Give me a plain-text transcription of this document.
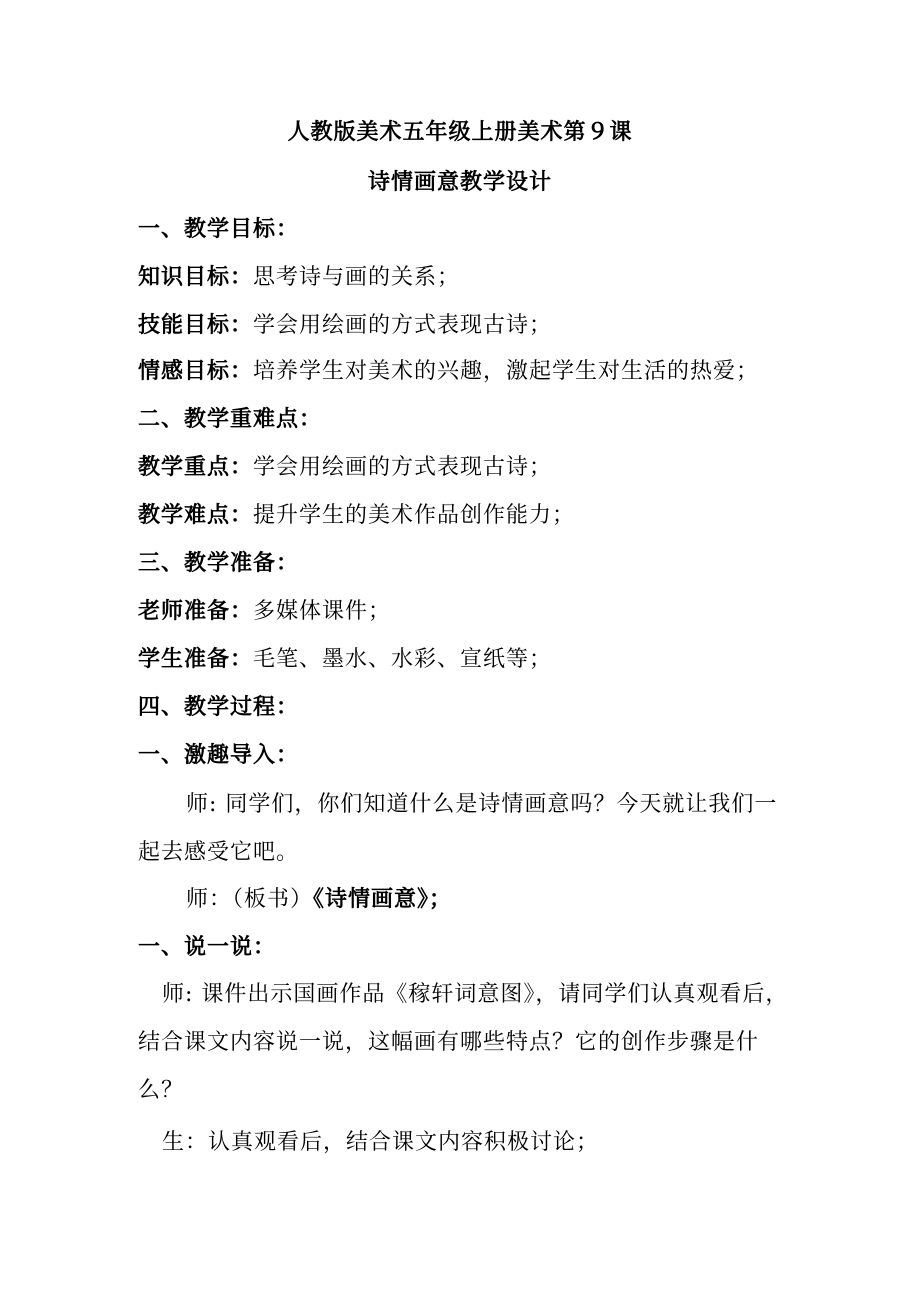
人教版美术五年级上册美术第９课
诗情画意教学设计
一、教学目标：
知识目标：思考诗与画的关系；
技能目标：学会用绘画的方式表现古诗；
情感目标：培养学生对美术的兴趣，激起学生对生活的热爱；
二、教学重难点：
教学重点：学会用绘画的方式表现古诗；
教学难点：提升学生的美术作品创作能力；
三、教学准备：
老师准备：多媒体课件；
学生准备：毛笔、墨水、水彩、宣纸等；
四、教学过程：
一、激趣导入：
师: 同学们，你们知道什么是诗情画意吗？今天就让我们一
起去感受它吧。
师：（板书）《诗情画意》；
一、说一说：
师: 课件出示国画作品《稼轩词意图》，请同学们认真观看后，
结合课文内容说一说，这幅画有哪些特点？它的创作步骤是什
么？
生：认真观看后，结合课文内容积极讨论；
